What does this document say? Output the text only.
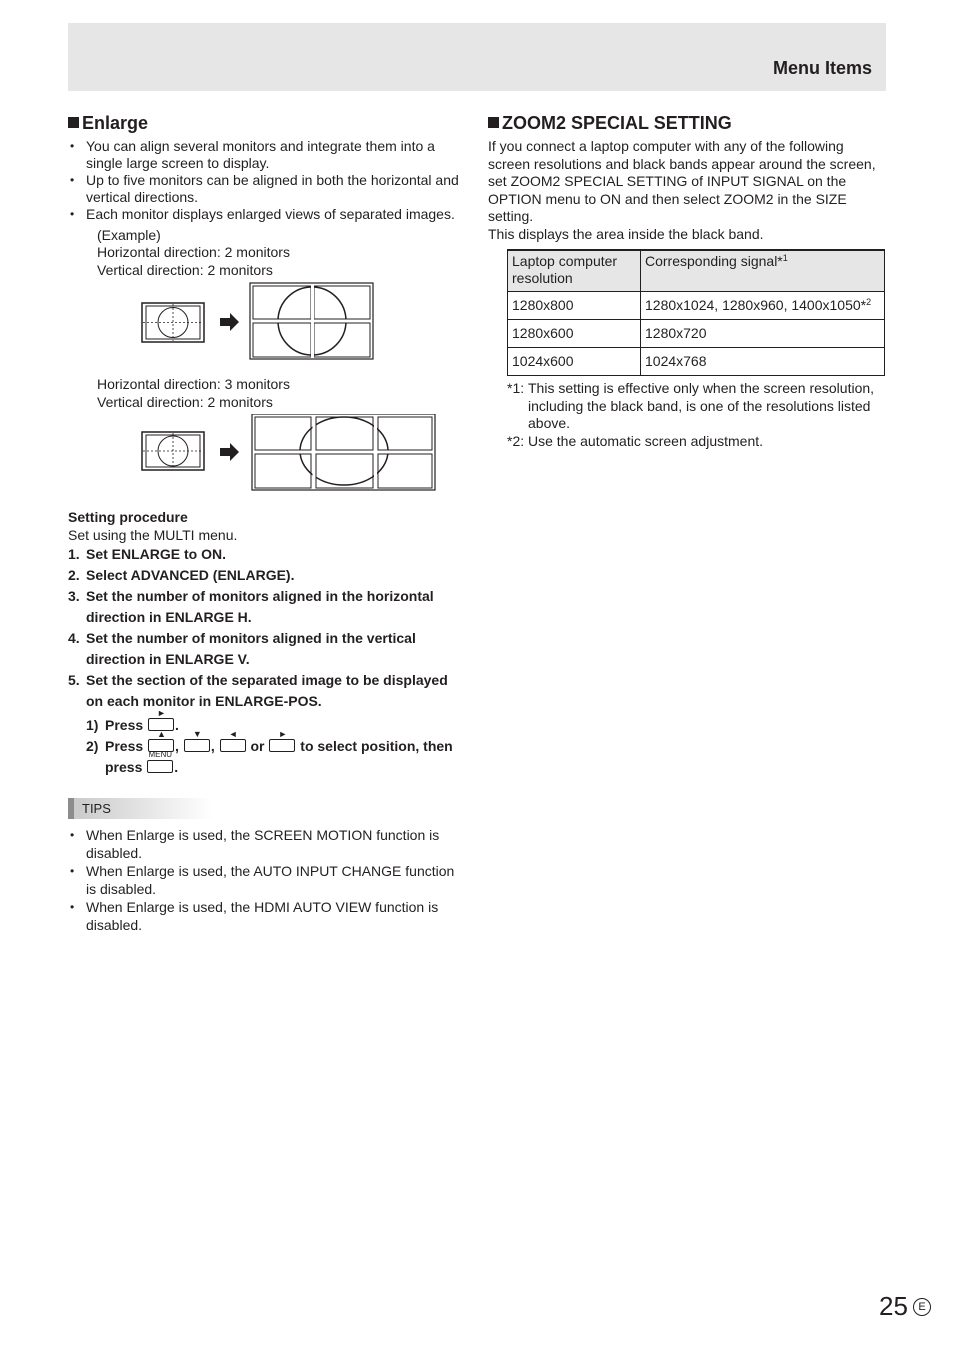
Menu Items
Enlarge
• You can align several monitors and integrate them into a single large screen to display.
• Up to five monitors can be aligned in both the horizontal and vertical directions.
• Each monitor displays enlarged views of separated images.
(Example)
Horizontal direction: 2 monitors
Vertical direction: 2 monitors
Horizontal direction: 3 monitors
Vertical direction: 2 monitors
Setting procedure
Set using the MULTI menu.
1. Set ENLARGE to ON.
2. Select ADVANCED (ENLARGE).
3. Set the number of monitors aligned in the horizontal direction in ENLARGE H.
4. Set the number of monitors aligned in the vertical direction in ENLARGE V.
5. Set the section of the separated image to be displayed on each monitor in ENLARGE-POS.
1) Press
►
.
2) Press
▲
,
▼
,
◄
or
►
to select position, then
press
MENU
.
TIPS
• When Enlarge is used, the SCREEN MOTION function is disabled.
• When Enlarge is used, the AUTO INPUT CHANGE function is disabled.
• When Enlarge is used, the HDMI AUTO VIEW function is disabled.
ZOOM2 SPECIAL SETTING

If you connect a laptop computer with any of the following screen resolutions and black bands appear around the screen, set ZOOM2 SPECIAL SETTING of INPUT SIGNAL on the OPTION menu to ON and then select ZOOM2 in the SIZE setting.

This displays the area inside the black band.

Laptop computer resolution	Corresponding signal*$^1$
1280x800	1280x1024, 1280x960, 1400x1050*$^2$
1280x600	1280x720
1024x600	1024x768
*1: This setting is effective only when the screen resolution, including the black band, is one of the resolutions listed above.
*2: Use the automatic screen adjustment.
25 E
